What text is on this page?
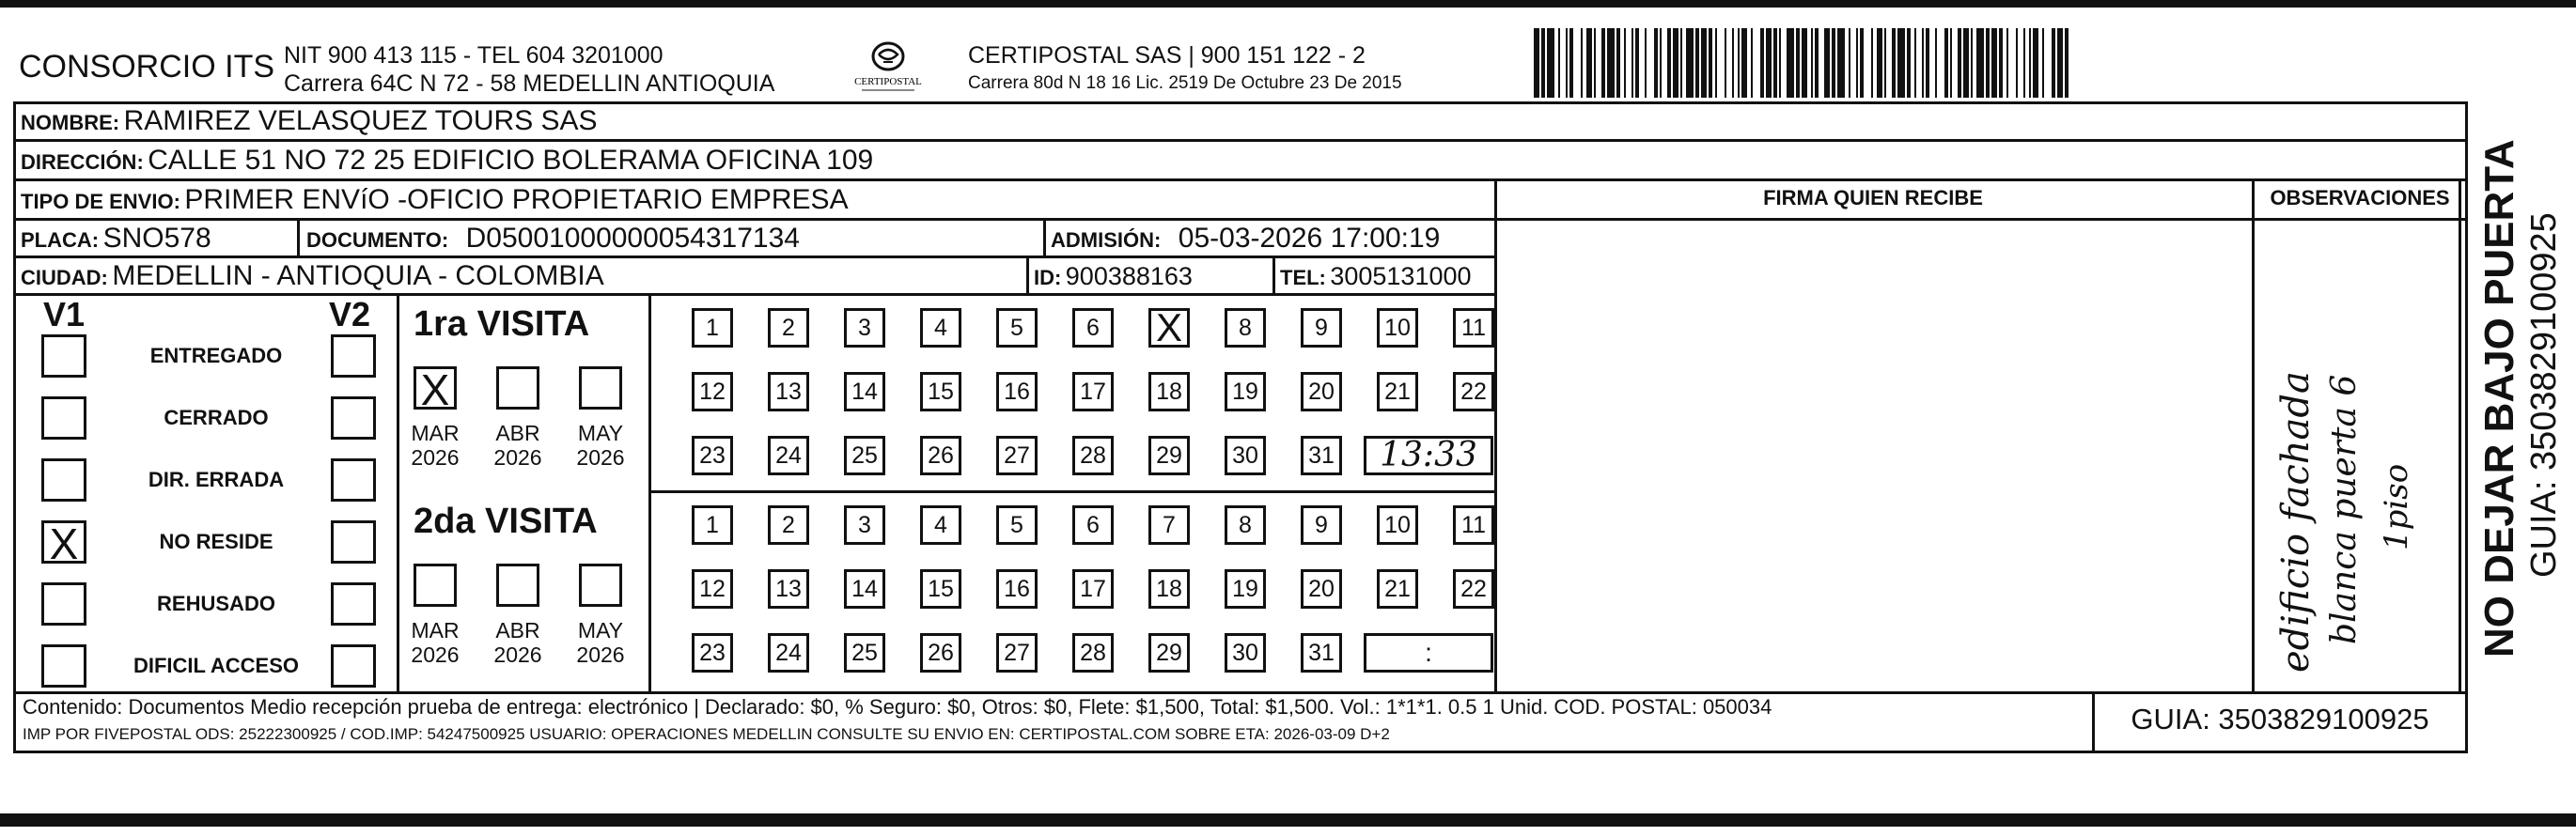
CONSORCIO ITS NIT 900 413 115 - TEL 604 3201000
Carrera 64C N 72 - 58 MEDELLIN ANTIOQUIA	CERTIPOSTAL
CERTIPOSTAL SAS | 900 151 122 - 2
Carrera 80d N 18 16 Lic. 2519 De Octubre 23 De 2015
NOMBRE: RAMIREZ VELASQUEZ TOURS SAS
DIRECCIÓN: CALLE 51 NO 72 25 EDIFICIO BOLERAMA OFICINA 109
TIPO DE ENVIO: PRIMER ENVíO -OFICIO PROPIETARIO EMPRESA
PLACA: SNO578	DOCUMENTO: D05001000000054317134	ADMISIÓN: 05-03-2026 17:00:19
CIUDAD: MEDELLIN - ANTIOQUIA - COLOMBIA	ID: 900388163	TEL: 3005131000
FIRMA QUIEN RECIBE	OBSERVACIONES
edificio fachada blanca puerta 6 1piso
V1	V2
ENTREGADO
CERRADO
DIR. ERRADA
X
NO RESIDE
REHUSADO
DIFICIL ACCESO
1ra VISITA
X
MAR
2026
ABR
2026
MAY
2026
1	2	3	4	5	6
X	8	9	10	11
12	13	14	15	16	17	18	19	20	21	22
23	24	25	26	27	28	29	30	31	13:33
2da VISITA
MAR
2026
ABR
2026
MAY
2026
1	2	3	4	5	6	7	8	9	10	11
12	13	14	15	16	17	18	19	20	21	22
23	24	25	26	27	28	29	30	31	:
Contenido: Documentos Medio recepción prueba de entrega: electrónico | Declarado: $0, % Seguro: $0, Otros: $0, Flete: $1,500, Total: $1,500. Vol.: 1*1*1. 0.5 1 Unid. COD. POSTAL: 050034
IMP POR FIVEPOSTAL ODS: 25222300925 / COD.IMP: 54247500925 USUARIO: OPERACIONES MEDELLIN CONSULTE SU ENVIO EN: CERTIPOSTAL.COM SOBRE ETA: 2026-03-09 D+2	GUIA: 3503829100925
NO DEJAR BAJO PUERTA GUIA: 3503829100925
